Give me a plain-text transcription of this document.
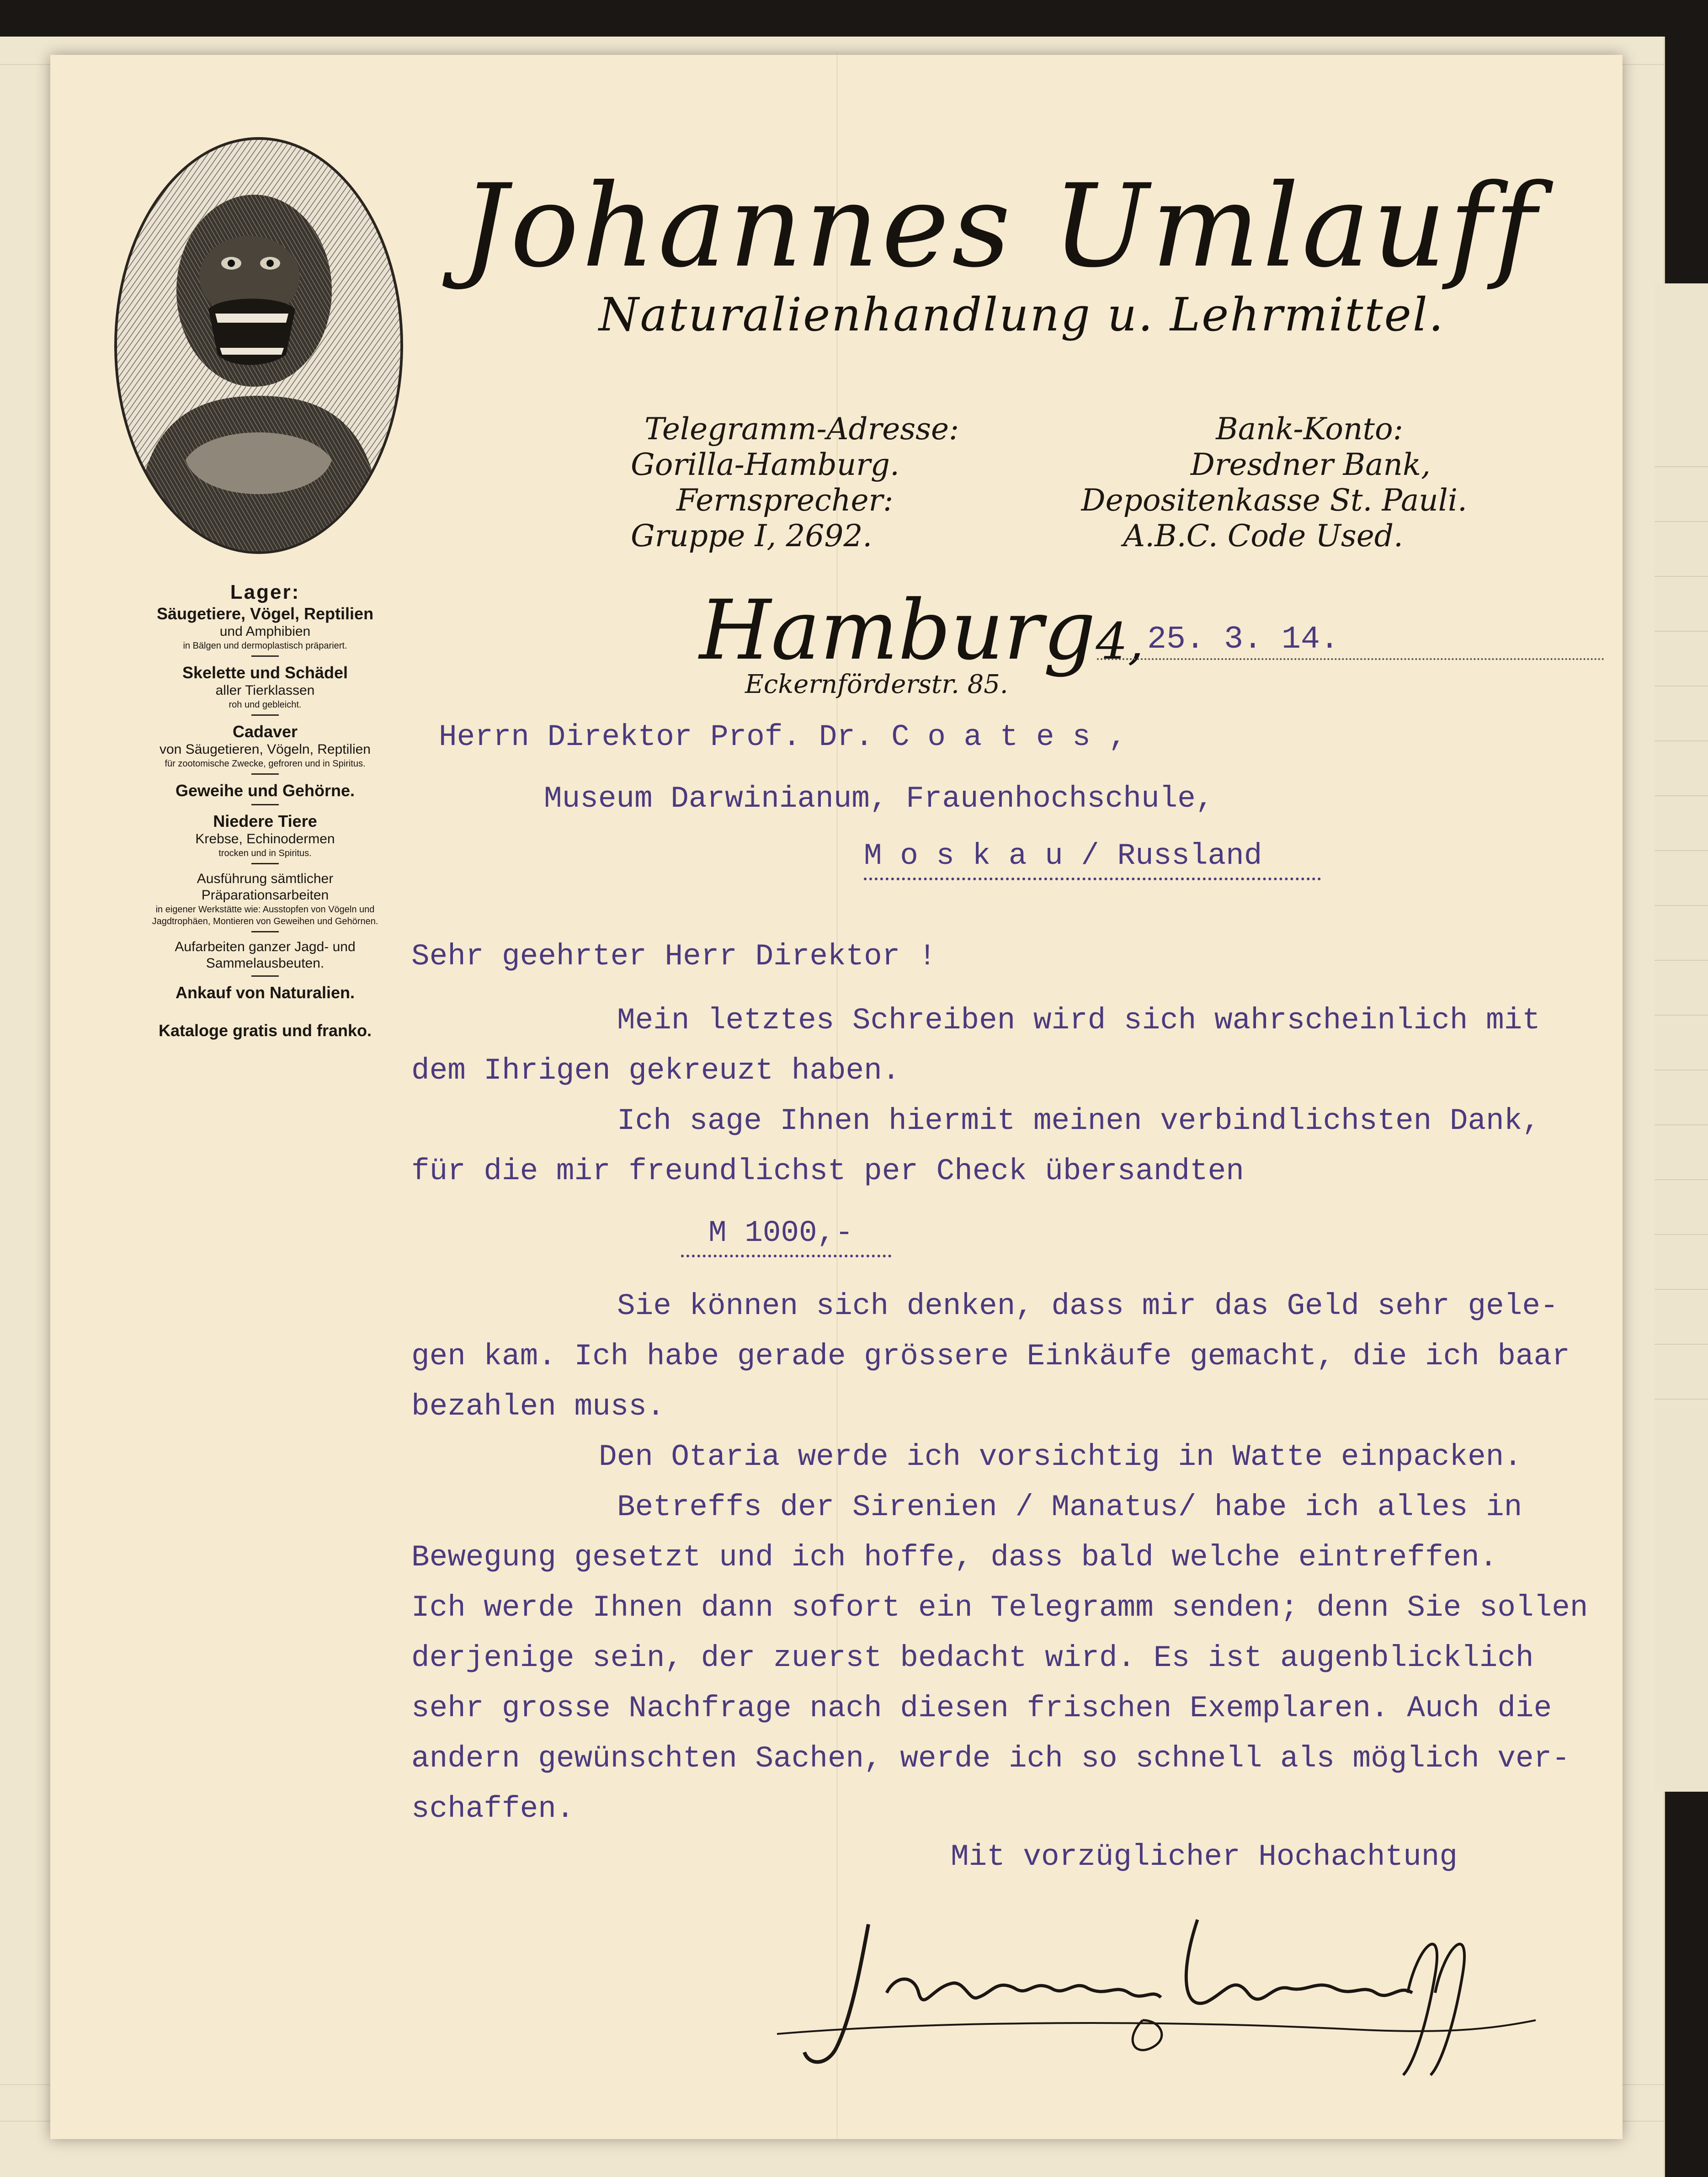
Johannes Umlauff
Naturalienhandlung u. Lehrmittel.
Telegramm-Adresse:
Gorilla-Hamburg.
Fernsprecher:
Gruppe I, 2692.
Bank-Konto:
Dresdner Bank,
Depositenkasse St. Pauli.
A.B.C. Code Used.
Hamburg4,
Eckernförderstr. 85.
25. 3. 14.
Lager:
Säugetiere, Vögel, Reptilien
und Amphibien
in Bälgen und dermoplastisch präpariert.
Skelette und Schädel
aller Tierklassen
roh und gebleicht.
Cadaver
von Säugetieren, Vögeln, Reptilien
für zootomische Zwecke, gefroren und in Spiritus.
Geweihe und Gehörne.
Niedere Tiere
Krebse, Echinodermen
trocken und in Spiritus.
Ausführung sämtlicher Präparationsarbeiten
in eigener Werkstätte wie: Ausstopfen von Vögeln und Jagdtrophäen, Montieren von Geweihen und Gehörnen.
Aufarbeiten ganzer Jagd- und Sammelausbeuten.
Ankauf von Naturalien.
Kataloge gratis und franko.
Herrn Direktor Prof. Dr. C o a t e s ,
Museum Darwinianum, Frauenhochschule,
M o s k a u / Russland
Sehr geehrter Herr Direktor !
Mein letztes Schreiben wird sich wahrscheinlich mit
dem Ihrigen gekreuzt haben.
Ich sage Ihnen hiermit meinen verbindlichsten Dank,
für die mir freundlichst per Check übersandten
M 1000,-
Sie können sich denken, dass mir das Geld sehr gele-
gen kam. Ich habe gerade grössere Einkäufe gemacht, die ich baar
bezahlen muss.
Den Otaria werde ich vorsichtig in Watte einpacken.
Betreffs der Sirenien / Manatus/ habe ich alles in
Bewegung gesetzt und ich hoffe, dass bald welche eintreffen.
Ich werde Ihnen dann sofort ein Telegramm senden; denn Sie sollen
derjenige sein, der zuerst bedacht wird. Es ist augenblicklich
sehr grosse Nachfrage nach diesen frischen Exemplaren. Auch die
andern gewünschten Sachen, werde ich so schnell als möglich ver-
schaffen.
Mit vorzüglicher Hochachtung
